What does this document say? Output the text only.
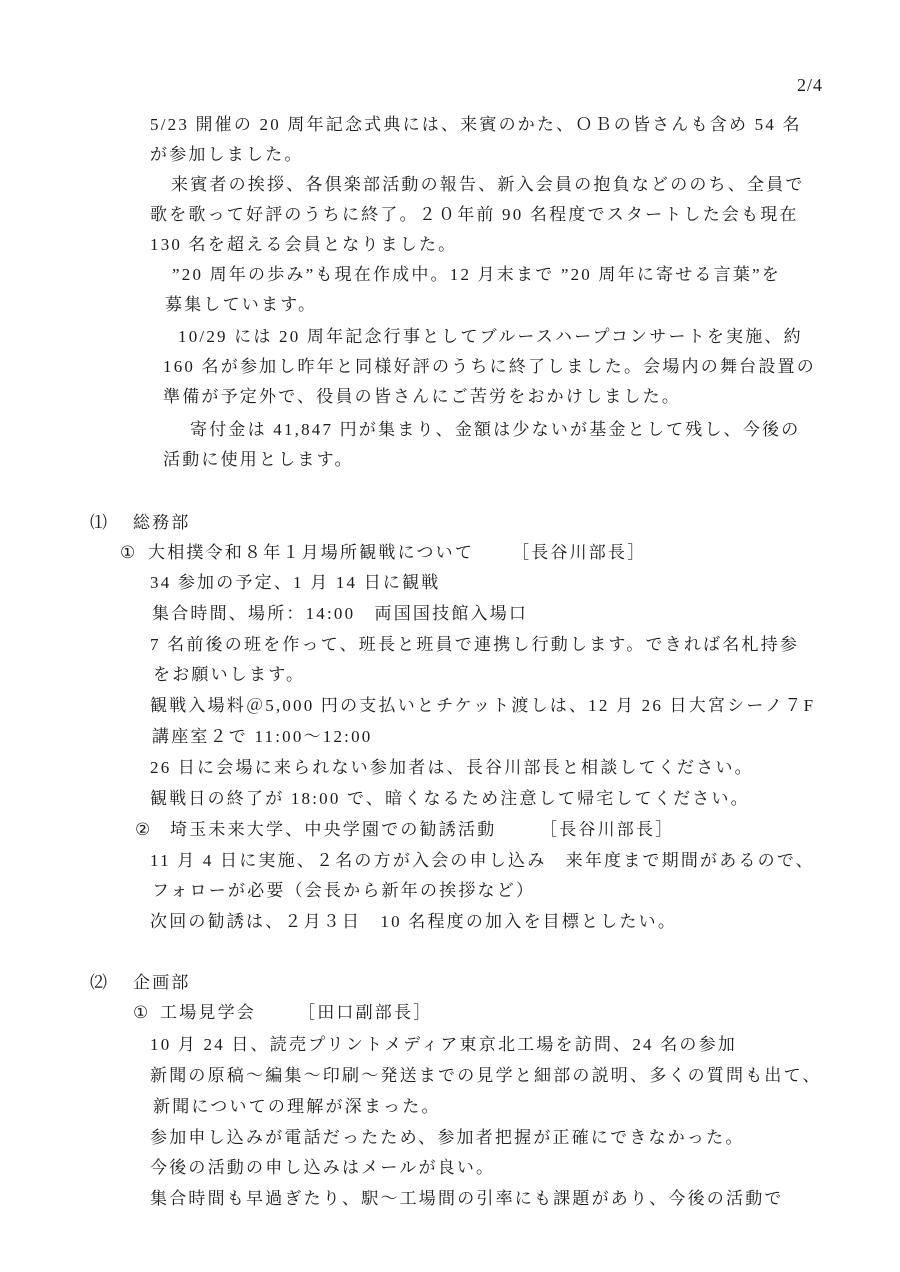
2/4
5/23 開催の 20 周年記念式典には、来賓のかた、ＯＢの皆さんも含め 54 名
が参加しました。
来賓者の挨拶、各倶楽部活動の報告、新入会員の抱負などののち、全員で
歌を歌って好評のうちに終了。２０年前 90 名程度でスタートした会も現在
130 名を超える会員となりました。
”20 周年の歩み”も現在作成中。12 月末まで ”20 周年に寄せる言葉”を
募集しています。
10/29 には 20 周年記念行事としてブルースハープコンサートを実施、約
160 名が参加し昨年と同様好評のうちに終了しました。会場内の舞台設置の
準備が予定外で、役員の皆さんにご苦労をおかけしました。
寄付金は 41,847 円が集まり、金額は少ないが基金として残し、今後の
活動に使用とします。
⑴ 総務部
① 大相撲令和８年１月場所観戦について ［長谷川部長］
34 参加の予定、1 月 14 日に観戦
集合時間、場所：14:00　両国国技館入場口
7 名前後の班を作って、班長と班員で連携し行動します。できれば名札持参
をお願いします。
観戦入場料＠5,000 円の支払いとチケット渡しは、12 月 26 日大宮シーノ７F
講座室２で 11:00～12:00
26 日に会場に来られない参加者は、長谷川部長と相談してください。
観戦日の終了が 18:00 で、暗くなるため注意して帰宅してください。
② 埼玉未来大学、中央学園での勧誘活動	［長谷川部長］
11 月 4 日に実施、２名の方が入会の申し込み　来年度まで期間があるので、
フォローが必要（会長から新年の挨拶など）
次回の勧誘は、２月３日　10 名程度の加入を目標としたい。
⑵ 企画部
① 工場見学会 ［田口副部長］
10 月 24 日、読売プリントメディア東京北工場を訪問、24 名の参加
新聞の原稿～編集～印刷～発送までの見学と細部の説明、多くの質問も出て、
新聞についての理解が深まった。
参加申し込みが電話だったため、参加者把握が正確にできなかった。
今後の活動の申し込みはメールが良い。
集合時間も早過ぎたり、駅～工場間の引率にも課題があり、今後の活動で
